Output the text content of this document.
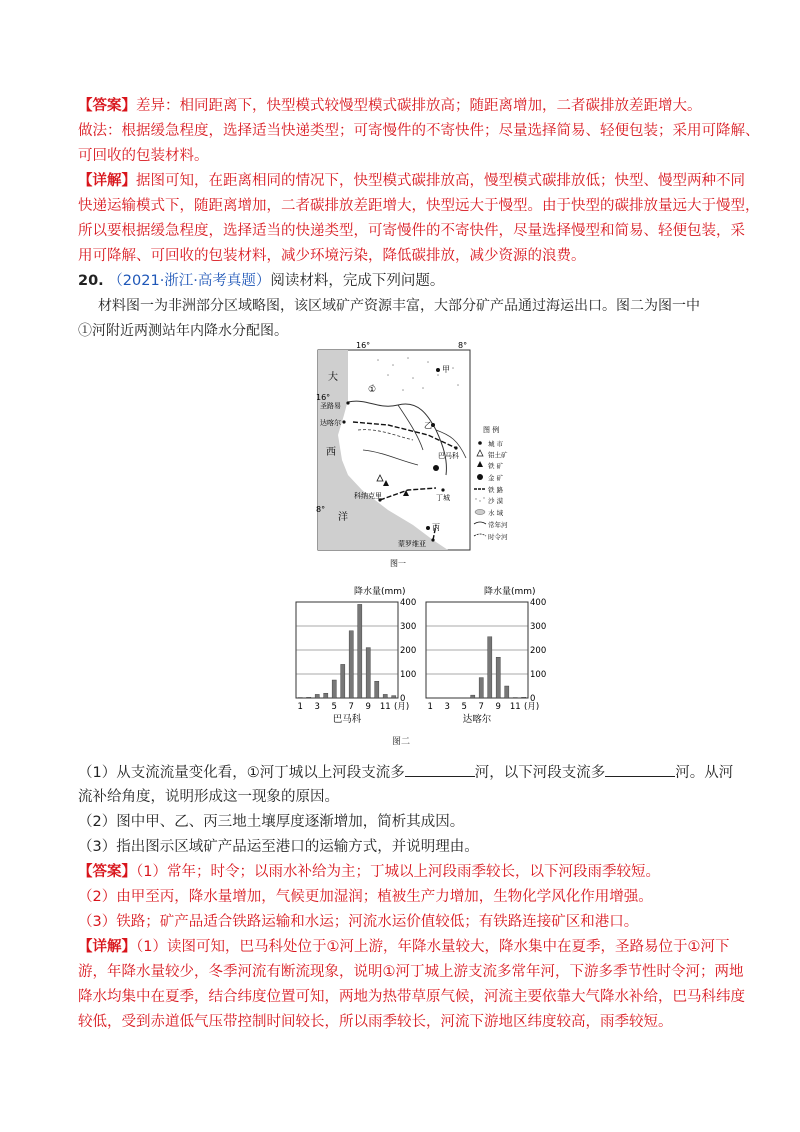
【答案】差异：相同距离下，快型模式较慢型模式碳排放高；随距离增加，二者碳排放差距增大。
做法：根据缓急程度，选择适当快递类型；可寄慢件的不寄快件；尽量选择简易、轻便包装；采用可降解、
可回收的包装材料。
【详解】据图可知，在距离相同的情况下，快型模式碳排放高，慢型模式碳排放低；快型、慢型两种不同
快递运输模式下，随距离增加，二者碳排放差距增大，快型远大于慢型。由于快型的碳排放量远大于慢型，
所以要根据缓急程度，选择适当的快递类型，可寄慢件的不寄快件，尽量选择慢型和简易、轻便包装，采
用可降解、可回收的包装材料，减少环境污染，降低碳排放，减少资源的浪费。
20. （2021·浙江·高考真题）阅读材料，完成下列问题。
材料图一为非洲部分区域略图，该区域矿产资源丰富，大部分矿产品通过海运出口。图二为图一中
①河附近两测站年内降水分配图。
16°	8°
16°
8°
大
西
洋
①
甲
乙
丙
圣路易
达喀尔
巴马科
科纳克里
蒙罗维亚
丁城
图 例
城 市
铝土矿
铁 矿
金 矿
铁 路
沙 漠
水 域
常年河
时令河
图一
降水量(mm)
0
100
200
300
400
1 3 5 7 9 11 (月)
巴马科
降水量(mm)
0
100
200
300
400
1 3 5 7 9 11 (月)
达喀尔
图二
（1）从支流流量变化看，①河丁城以上河段支流多	河，以下河段支流多	河。从河
流补给角度，说明形成这一现象的原因。
（2）图中甲、乙、丙三地土壤厚度逐渐增加，简析其成因。
（3）指出图示区域矿产品运至港口的运输方式，并说明理由。
【答案】（1）常年；时令；以雨水补给为主；丁城以上河段雨季较长，以下河段雨季较短。
（2）由甲至丙，降水量增加，气候更加湿润；植被生产力增加，生物化学风化作用增强。
（3）铁路；矿产品适合铁路运输和水运；河流水运价值较低；有铁路连接矿区和港口。
【详解】（1）读图可知，巴马科处位于①河上游，年降水量较大，降水集中在夏季，圣路易位于①河下
游，年降水量较少，冬季河流有断流现象，说明①河丁城上游支流多常年河，下游多季节性时令河；两地
降水均集中在夏季，结合纬度位置可知，两地为热带草原气候，河流主要依靠大气降水补给，巴马科纬度
较低，受到赤道低气压带控制时间较长，所以雨季较长，河流下游地区纬度较高，雨季较短。
